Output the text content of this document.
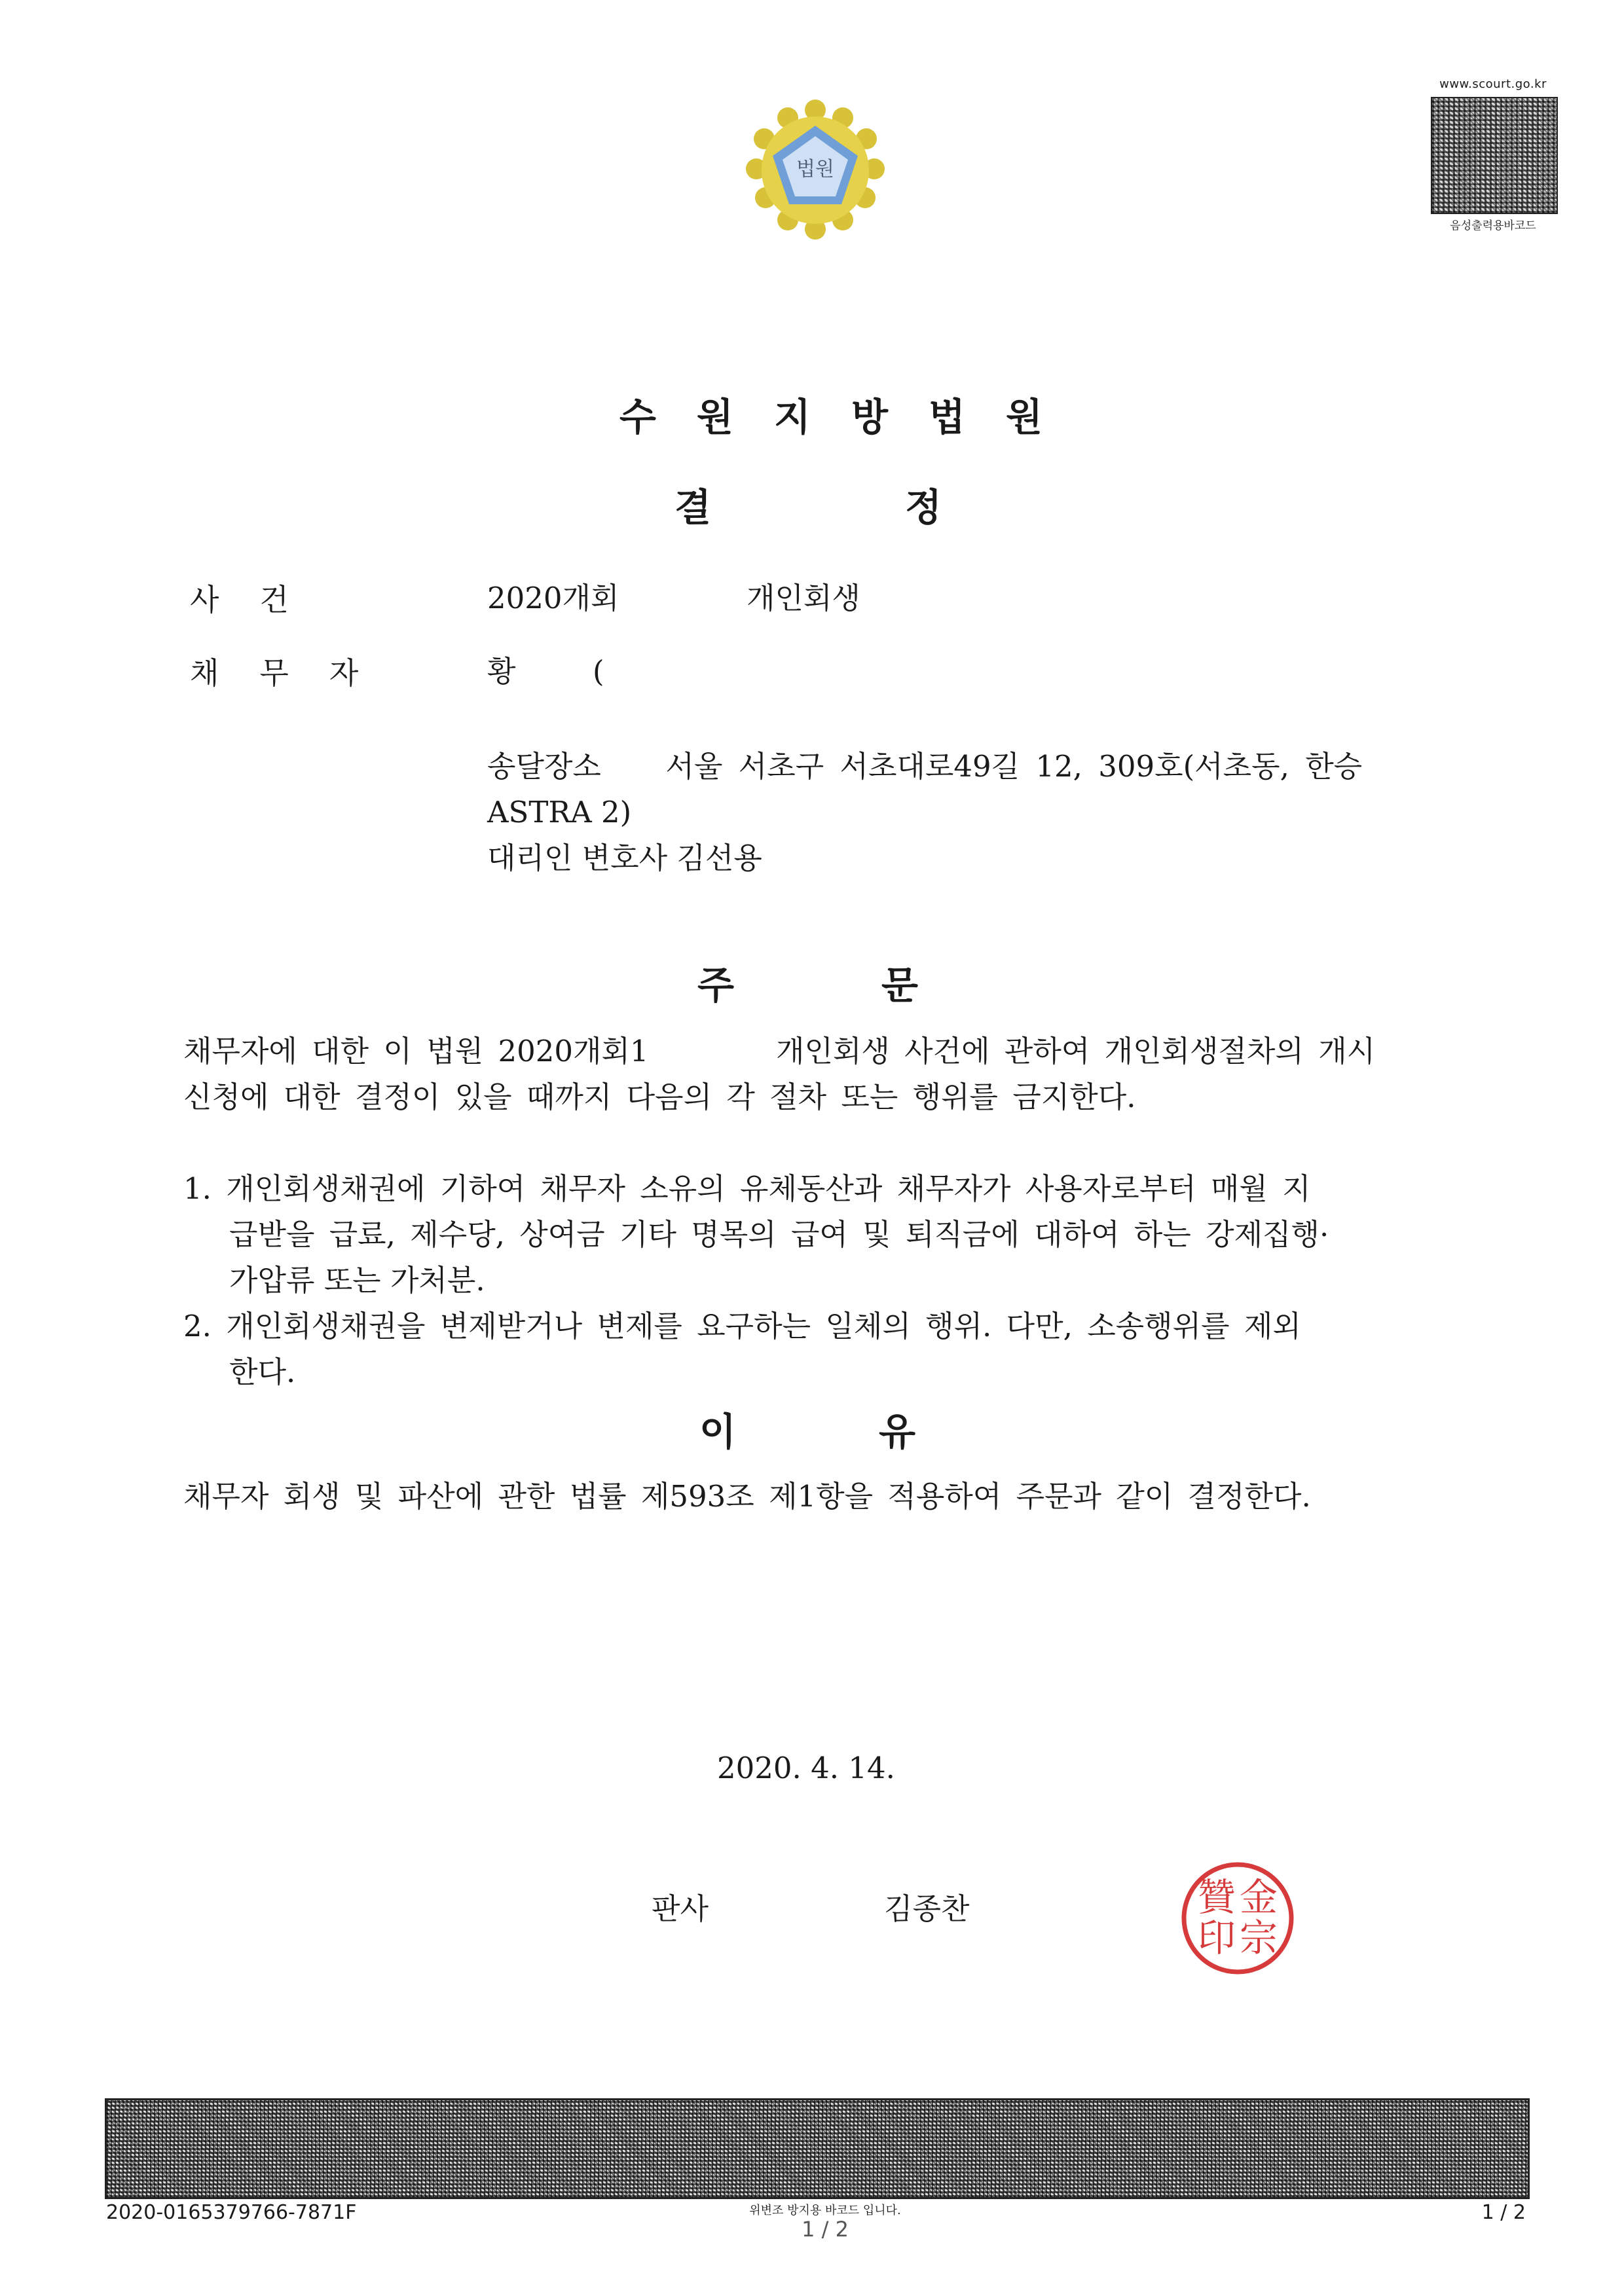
법원
www.scourt.go.kr
음성출력용바코드
수원지방법원
결	정
사건	2020개회	개인회생
채무자	황	(
송달장소 서울 서초구 서초대로49길 12, 309호(서초동, 한승
ASTRA 2)
대리인 변호사 김선용
주	문
채무자에 대한 이 법원 2020개회1	개인회생 사건에 관하여 개인회생절차의 개시
신청에 대한 결정이 있을 때까지 다음의 각 절차 또는 행위를 금지한다.
1. 개인회생채권에 기하여 채무자 소유의 유체동산과 채무자가 사용자로부터 매월 지
급받을 급료, 제수당, 상여금 기타 명목의 급여 및 퇴직금에 대하여 하는 강제집행·
가압류 또는 가처분.
2. 개인회생채권을 변제받거나 변제를 요구하는 일체의 행위. 다만, 소송행위를 제외
한다.
이	유
채무자 회생 및 파산에 관한 법률 제593조 제1항을 적용하여 주문과 같이 결정한다.
2020. 4. 14.
판사	김종찬	金
宗
贊
印
2020-0165379766-7871F	위변조 방지용 바코드 입니다.
1 / 2
1 / 2
